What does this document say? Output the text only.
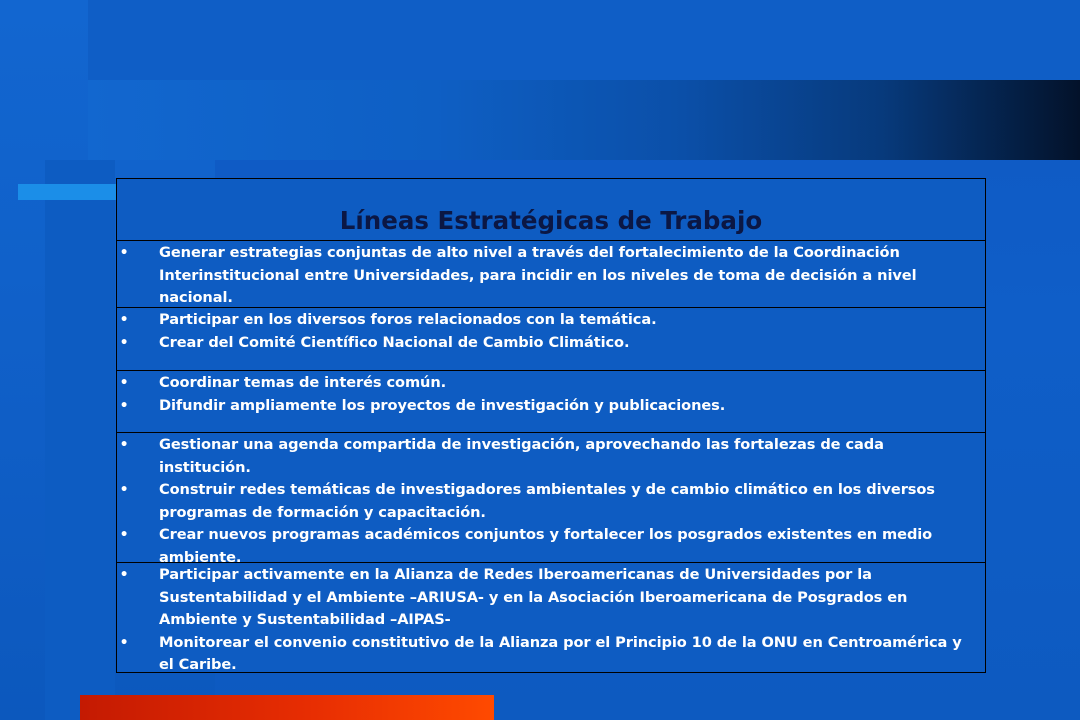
Líneas Estratégicas de Trabajo
• Generar estrategias conjuntas de alto nivel a través del fortalecimiento de la Coordinación Interinstitucional entre Universidades, para incidir en los niveles de toma de decisión a nivel nacional.
• Participar en los diversos foros relacionados con la temática.
• Crear del Comité Científico Nacional de Cambio Climático.
• Coordinar temas de interés común.
• Difundir ampliamente los proyectos de investigación y publicaciones.
• Gestionar una agenda compartida de investigación, aprovechando las fortalezas de cada institución.
• Construir redes temáticas de investigadores ambientales y de cambio climático en los diversos programas de formación y capacitación.
• Crear nuevos programas académicos conjuntos y fortalecer los posgrados existentes en medio ambiente.
• Participar activamente en la Alianza de Redes Iberoamericanas de Universidades por la Sustentabilidad y el Ambiente –ARIUSA- y en la Asociación Iberoamericana de Posgrados en Ambiente y Sustentabilidad –AIPAS-
• Monitorear el convenio constitutivo de la Alianza por el Principio 10 de la ONU en Centroamérica y el Caribe.
